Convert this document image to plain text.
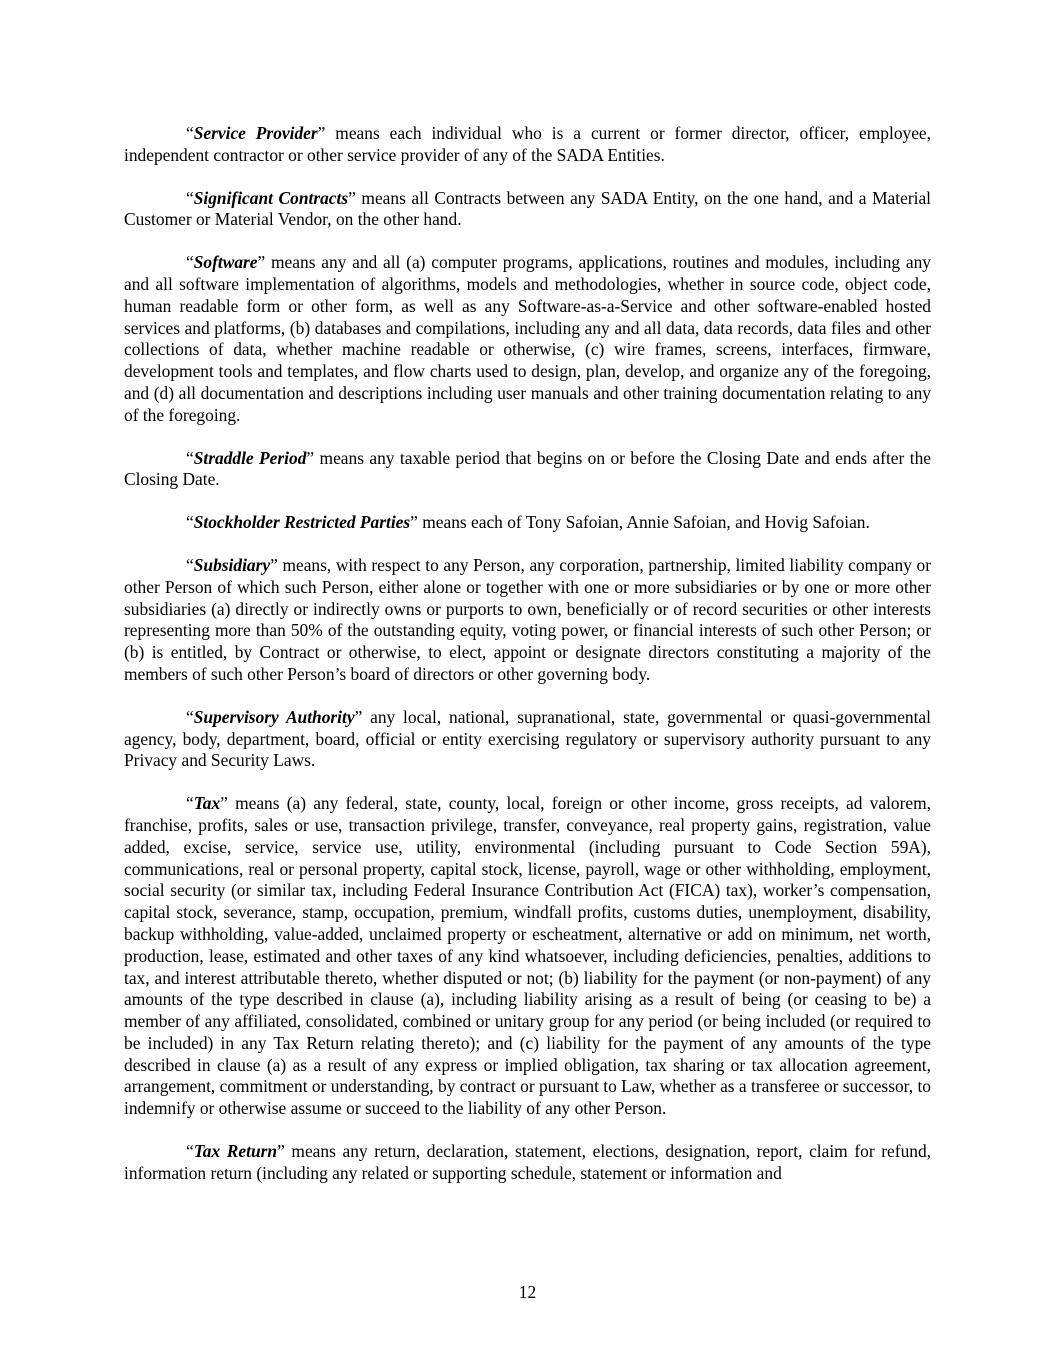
“Service Provider” means each individual who is a current or former director, officer, employee, independent contractor or other service provider of any of the SADA Entities.

“Significant Contracts” means all Contracts between any SADA Entity, on the one hand, and a Material Customer or Material Vendor, on the other hand.

“Software” means any and all (a) computer programs, applications, routines and modules, including any and all software implementation of algorithms, models and methodologies, whether in source code, object code, human readable form or other form, as well as any Software-as-a-Service and other software-enabled hosted services and platforms, (b) databases and compilations, including any and all data, data records, data files and other collections of data, whether machine readable or otherwise, (c) wire frames, screens, interfaces, firmware, development tools and templates, and flow charts used to design, plan, develop, and organize any of the foregoing, and (d) all documentation and descriptions including user manuals and other training documentation relating to any of the foregoing.

“Straddle Period” means any taxable period that begins on or before the Closing Date and ends after the Closing Date.

“Stockholder Restricted Parties” means each of Tony Safoian, Annie Safoian, and Hovig Safoian.

“Subsidiary” means, with respect to any Person, any corporation, partnership, limited liability company or other Person of which such Person, either alone or together with one or more subsidiaries or by one or more other subsidiaries (a) directly or indirectly owns or purports to own, beneficially or of record securities or other interests representing more than 50% of the outstanding equity, voting power, or financial interests of such other Person; or (b) is entitled, by Contract or otherwise, to elect, appoint or designate directors constituting a majority of the members of such other Person’s board of directors or other governing body.

“Supervisory Authority” any local, national, supranational, state, governmental or quasi-governmental agency, body, department, board, official or entity exercising regulatory or supervisory authority pursuant to any Privacy and Security Laws.

“Tax” means (a) any federal, state, county, local, foreign or other income, gross receipts, ad valorem, franchise, profits, sales or use, transaction privilege, transfer, conveyance, real property gains, registration, value added, excise, service, service use, utility, environmental (including pursuant to Code Section 59A), communications, real or personal property, capital stock, license, payroll, wage or other withholding, employment, social security (or similar tax, including Federal Insurance Contribution Act (FICA) tax), worker’s compensation, capital stock, severance, stamp, occupation, premium, windfall profits, customs duties, unemployment, disability, backup withholding, value-added, unclaimed property or escheatment, alternative or add on minimum, net worth, production, lease, estimated and other taxes of any kind whatsoever, including deficiencies, penalties, additions to tax, and interest attributable thereto, whether disputed or not; (b) liability for the payment (or non-payment) of any amounts of the type described in clause (a), including liability arising as a result of being (or ceasing to be) a member of any affiliated, consolidated, combined or unitary group for any period (or being included (or required to be included) in any Tax Return relating thereto); and (c) liability for the payment of any amounts of the type described in clause (a) as a result of any express or implied obligation, tax sharing or tax allocation agreement, arrangement, commitment or understanding, by contract or pursuant to Law, whether as a transferee or successor, to indemnify or otherwise assume or succeed to the liability of any other Person.

“Tax Return” means any return, declaration, statement, elections, designation, report, claim for refund, information return (including any related or supporting schedule, statement or information and

12
